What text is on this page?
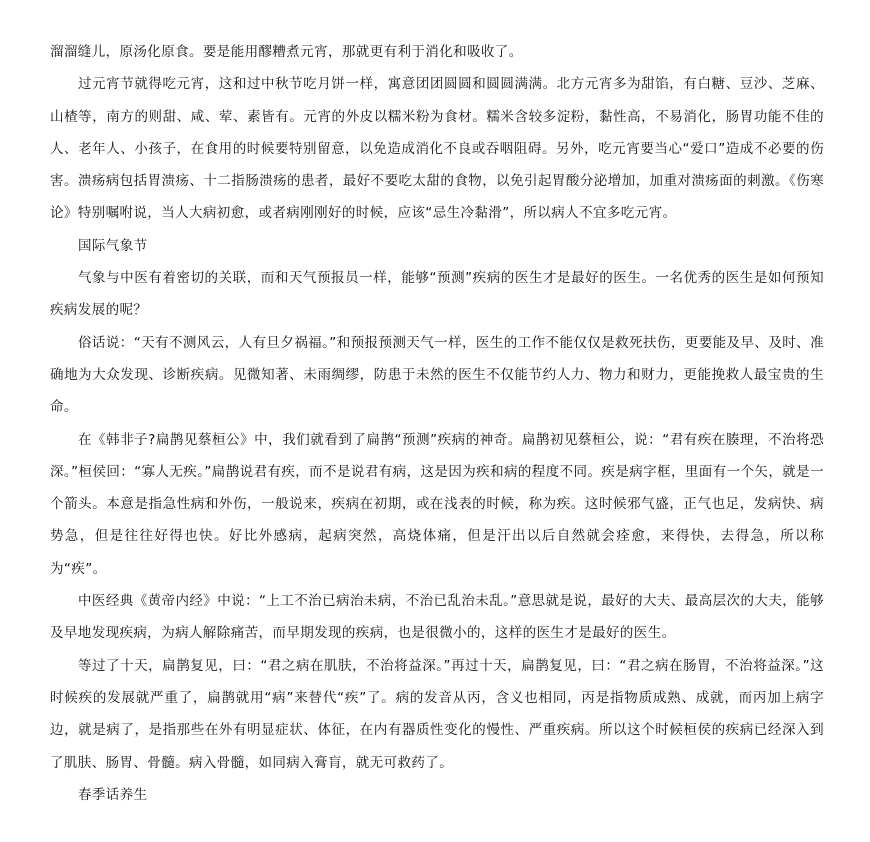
溜溜缝儿，原汤化原食。要是能用醪糟煮元宵，那就更有利于消化和吸收了。

过元宵节就得吃元宵，这和过中秋节吃月饼一样，寓意团团圆圆和圆圆满满。北方元宵多为甜馅，有白糖、豆沙、芝麻、山楂等，南方的则甜、咸、荤、素皆有。元宵的外皮以糯米粉为食材。糯米含较多淀粉，黏性高，不易消化，肠胃功能不佳的人、老年人、小孩子，在食用的时候要特别留意，以免造成消化不良或吞咽阻碍。另外，吃元宵要当心“爱口”造成不必要的伤害。溃疡病包括胃溃疡、十二指肠溃疡的患者，最好不要吃太甜的食物，以免引起胃酸分泌增加，加重对溃疡面的刺激。《伤寒论》特别嘱咐说，当人大病初愈，或者病刚刚好的时候，应该“忌生冷黏滑”，所以病人不宜多吃元宵。

国际气象节

气象与中医有着密切的关联，而和天气预报员一样，能够“预测”疾病的医生才是最好的医生。一名优秀的医生是如何预知疾病发展的呢？

俗话说：“天有不测风云，人有旦夕祸福。”和预报预测天气一样，医生的工作不能仅仅是救死扶伤，更要能及早、及时、准确地为大众发现、诊断疾病。见微知著、未雨绸缪，防患于未然的医生不仅能节约人力、物力和财力，更能挽救人最宝贵的生命。

在《韩非子?扁鹊见蔡桓公》中，我们就看到了扁鹊“预测”疾病的神奇。扁鹊初见蔡桓公，说：“君有疾在腠理，不治将恐深。”桓侯回：“寡人无疾。”扁鹊说君有疾，而不是说君有病，这是因为疾和病的程度不同。疾是病字框，里面有一个矢，就是一个箭头。本意是指急性病和外伤，一般说来，疾病在初期，或在浅表的时候，称为疾。这时候邪气盛，正气也足，发病快、病势急，但是往往好得也快。好比外感病，起病突然，高烧体痛，但是汗出以后自然就会痊愈，来得快，去得急，所以称为“疾”。

中医经典《黄帝内经》中说：“上工不治已病治未病，不治已乱治未乱。”意思就是说，最好的大夫、最高层次的大夫，能够及早地发现疾病，为病人解除痛苦，而早期发现的疾病，也是很微小的，这样的医生才是最好的医生。

等过了十天，扁鹊复见，曰：“君之病在肌肤，不治将益深。”再过十天，扁鹊复见，曰：“君之病在肠胃，不治将益深。”这时候疾的发展就严重了，扁鹊就用“病”来替代“疾”了。病的发音从丙，含义也相同，丙是指物质成熟、成就，而丙加上病字边，就是病了，是指那些在外有明显症状、体征，在内有器质性变化的慢性、严重疾病。所以这个时候桓侯的疾病已经深入到了肌肤、肠胃、骨髓。病入骨髓，如同病入膏肓，就无可救药了。

春季话养生
